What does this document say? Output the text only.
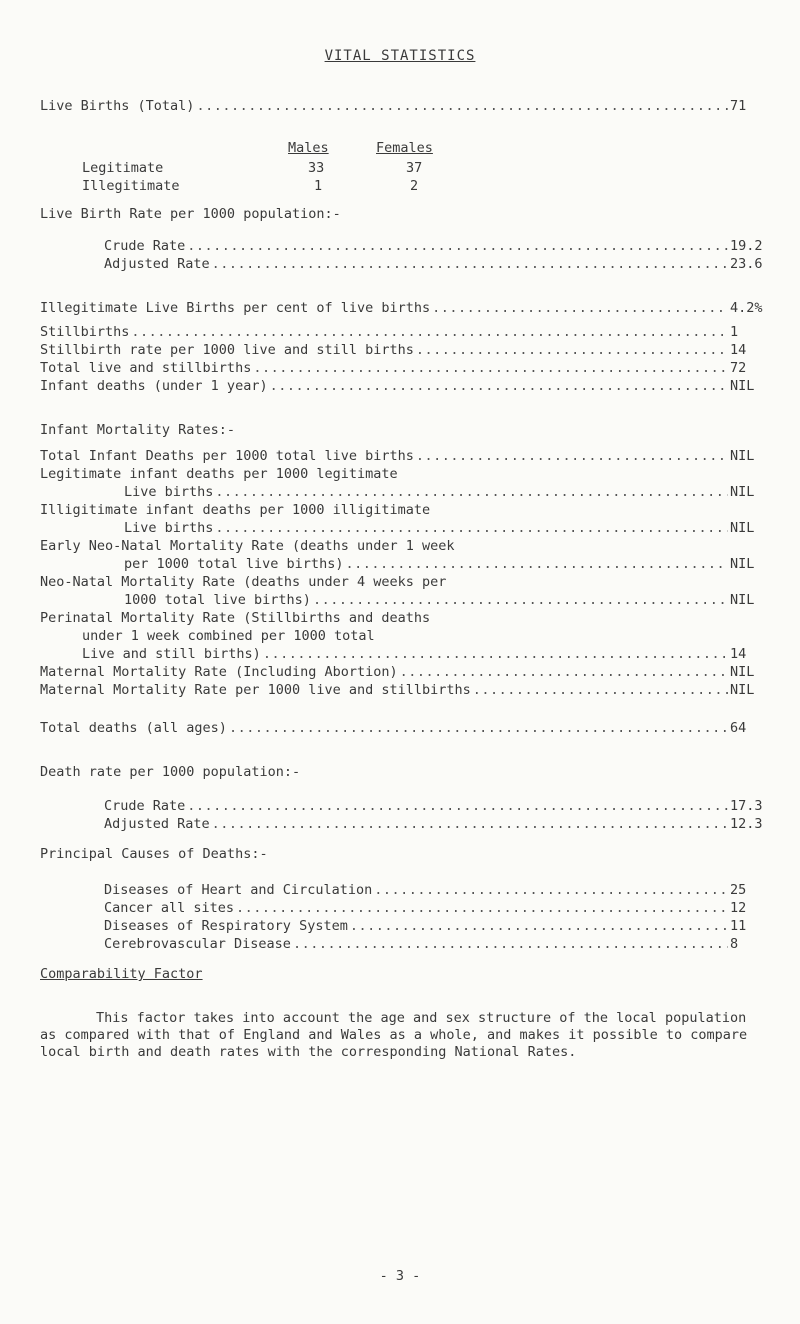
VITAL STATISTICS
Live Births (Total) .....	71
Males	Females
Legitimate	33	37
Illegitimate	1	2
Live Birth Rate per 1000 population:-
Crude Rate .....	19.2
Adjusted Rate .....	23.6
Illegitimate Live Births per cent of live births .....	4.2%
Stillbirths .....	1
Stillbirth rate per 1000 live and still births .....	14
Total live and stillbirths .....	72
Infant deaths (under 1 year) .....	NIL
Infant Mortality Rates:-
Total Infant Deaths per 1000 total live births .....	NIL
Legitimate infant deaths per 1000 legitimate
Live births .....	NIL
Illigitimate infant deaths per 1000 illigitimate
Live births .....	NIL
Early Neo-Natal Mortality Rate (deaths under 1 week
per 1000 total live births) .....	NIL
Neo-Natal Mortality Rate (deaths under 4 weeks per
1000 total live births) .....	NIL
Perinatal Mortality Rate (Stillbirths and deaths
under 1 week combined per 1000 total
Live and still births) .....	14
Maternal Mortality Rate (Including Abortion) .....	NIL
Maternal Mortality Rate per 1000 live and stillbirths .....	NIL
Total deaths (all ages) .....	64
Death rate per 1000 population:-
Crude Rate .....	17.3
Adjusted Rate .....	12.3
Principal Causes of Deaths:-
Diseases of Heart and Circulation .....	25
Cancer all sites .....	12
Diseases of Respiratory System .....	11
Cerebrovascular Disease .....	8
Comparability Factor
This factor takes into account the age and sex structure of the local population as compared with that of England and Wales as a whole, and makes it possible to compare local birth and death rates with the corresponding National Rates.
- 3 -
